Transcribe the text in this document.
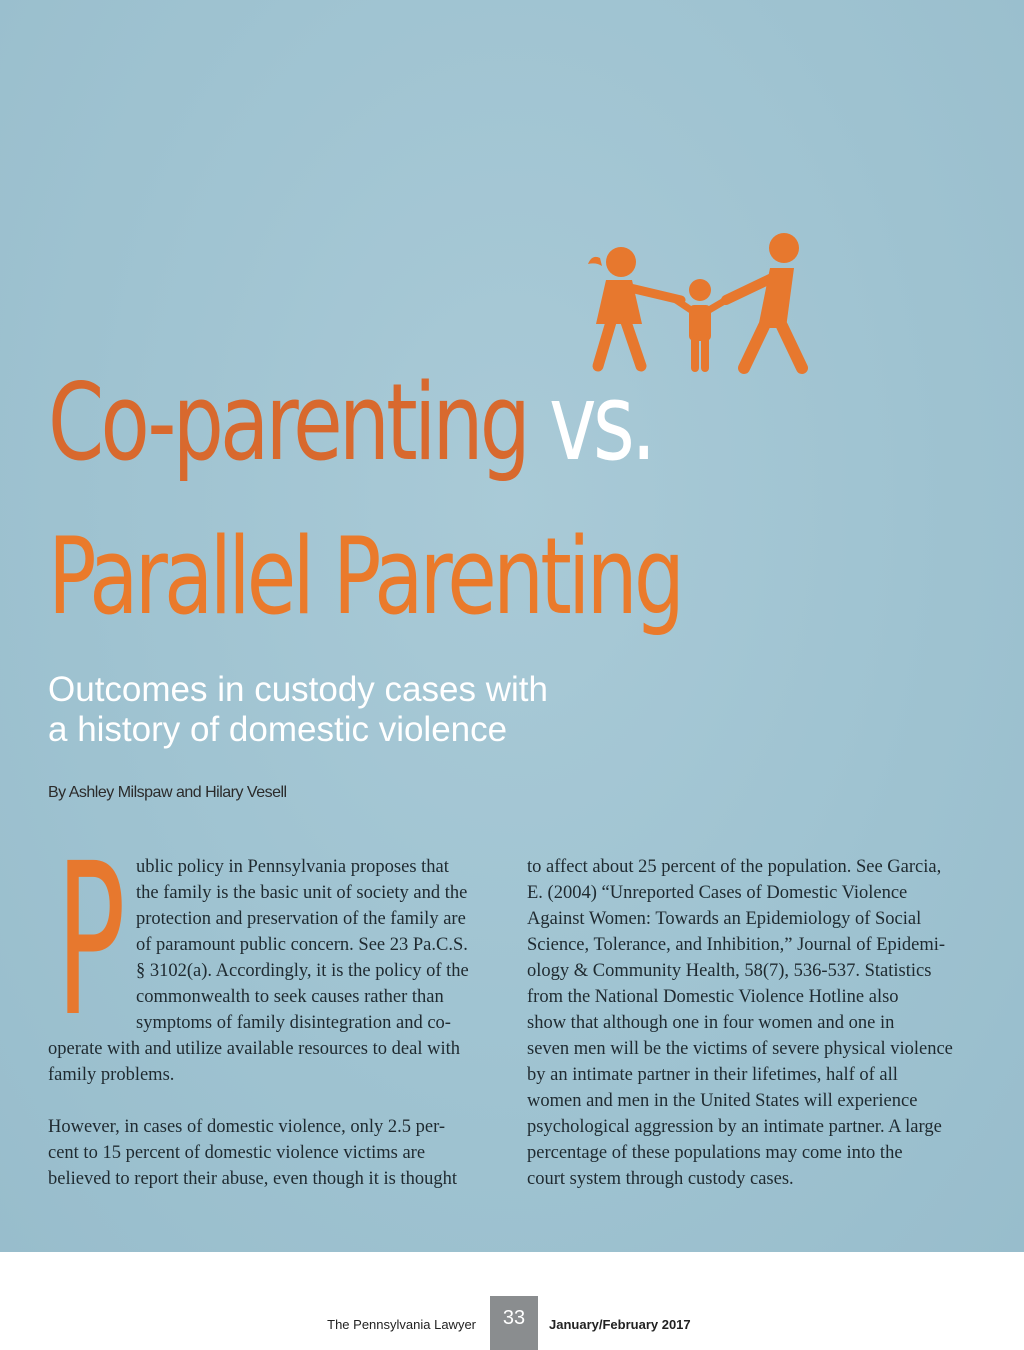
Co-parenting vs.
Parallel Parenting
Outcomes in custody cases with
a history of domestic violence
By Ashley Milspaw and Hilary Vesell
P ublic policy in Pennsylvania proposes that
the family is the basic unit of society and the
protection and preservation of the family are
of paramount public concern. See 23 Pa.C.S.
§ 3102(a). Accordingly, it is the policy of the
commonwealth to seek causes rather than
symptoms of family disintegration and co-
operate with and utilize available resources to deal with
family problems.
However, in cases of domestic violence, only 2.5 per-
cent to 15 percent of domestic violence victims are
believed to report their abuse, even though it is thought
to affect about 25 percent of the population. See Garcia,
E. (2004) “Unreported Cases of Domestic Violence
Against Women: Towards an Epidemiology of Social
Science, Tolerance, and Inhibition,” Journal of Epidemi-
ology & Community Health, 58(7), 536-537. Statistics
from the National Domestic Violence Hotline also
show that although one in four women and one in
seven men will be the victims of severe physical violence
by an intimate partner in their lifetimes, half of all
women and men in the United States will experience
psychological aggression by an intimate partner. A large
percentage of these populations may come into the
court system through custody cases.
The Pennsylvania Lawyer	33	January/February 2017
